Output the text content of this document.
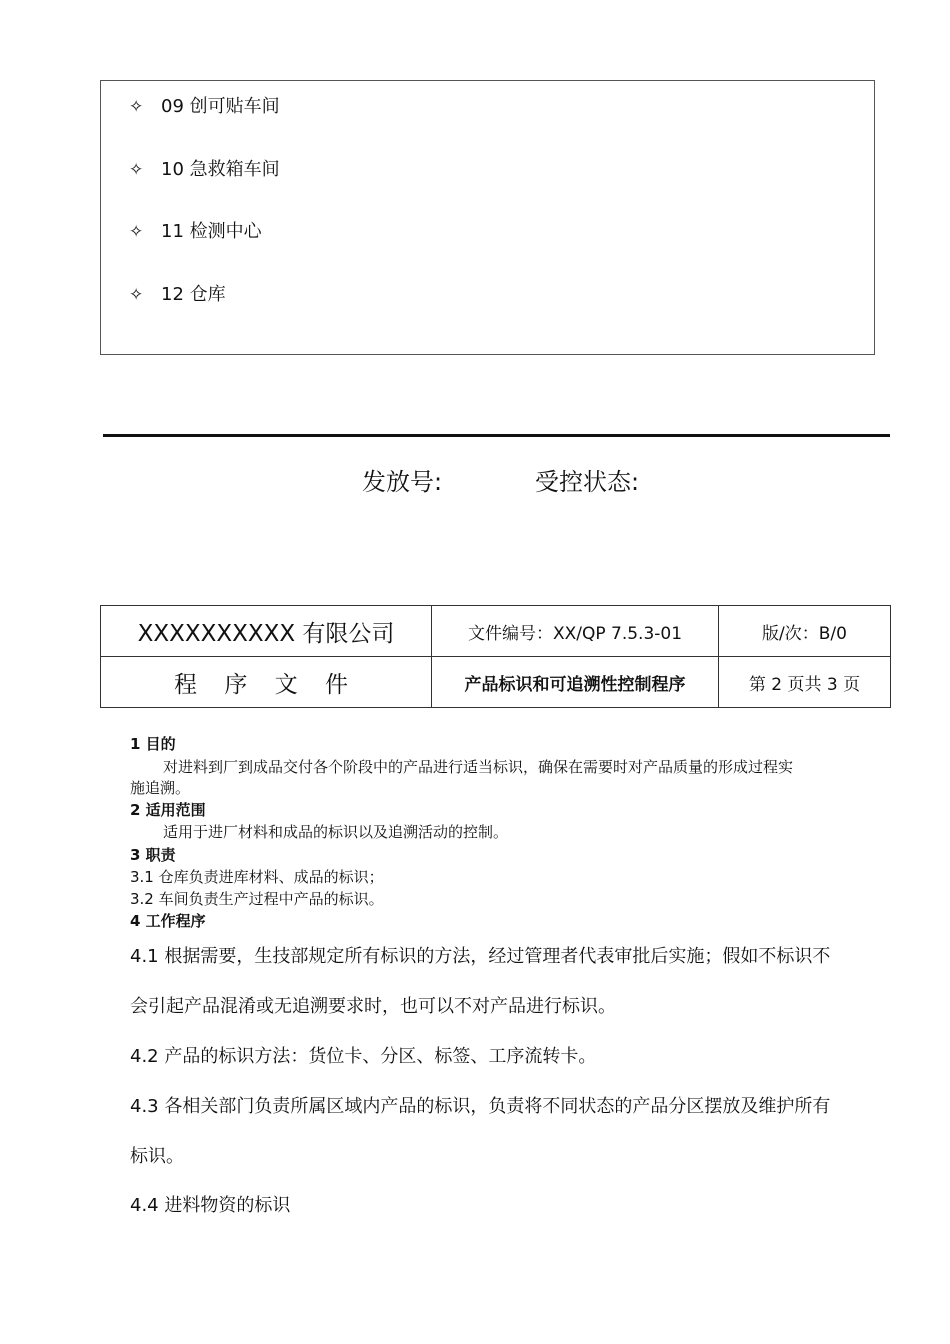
✧ 09 创可贴车间
✧ 10 急救箱车间
✧ 11 检测中心
✧ 12 仓库
发放号:	受控状态:
XXXXXXXXXX 有限公司	文件编号：XX/QP 7.5.3-01	版/次：B/0
程 序 文 件	产品标识和可追溯性控制程序	第 2 页共 3 页
1 目的
对进料到厂到成品交付各个阶段中的产品进行适当标识，确保在需要时对产品质量的形成过程实
施追溯。
2 适用范围
适用于进厂材料和成品的标识以及追溯活动的控制。
3 职责
3.1 仓库负责进库材料、成品的标识；
3.2 车间负责生产过程中产品的标识。
4 工作程序
4.1 根据需要，生技部规定所有标识的方法，经过管理者代表审批后实施；假如不标识不
会引起产品混淆或无追溯要求时，也可以不对产品进行标识。
4.2 产品的标识方法：货位卡、分区、标签、工序流转卡。
4.3 各相关部门负责所属区域内产品的标识，负责将不同状态的产品分区摆放及维护所有
标识。
4.4 进料物资的标识
